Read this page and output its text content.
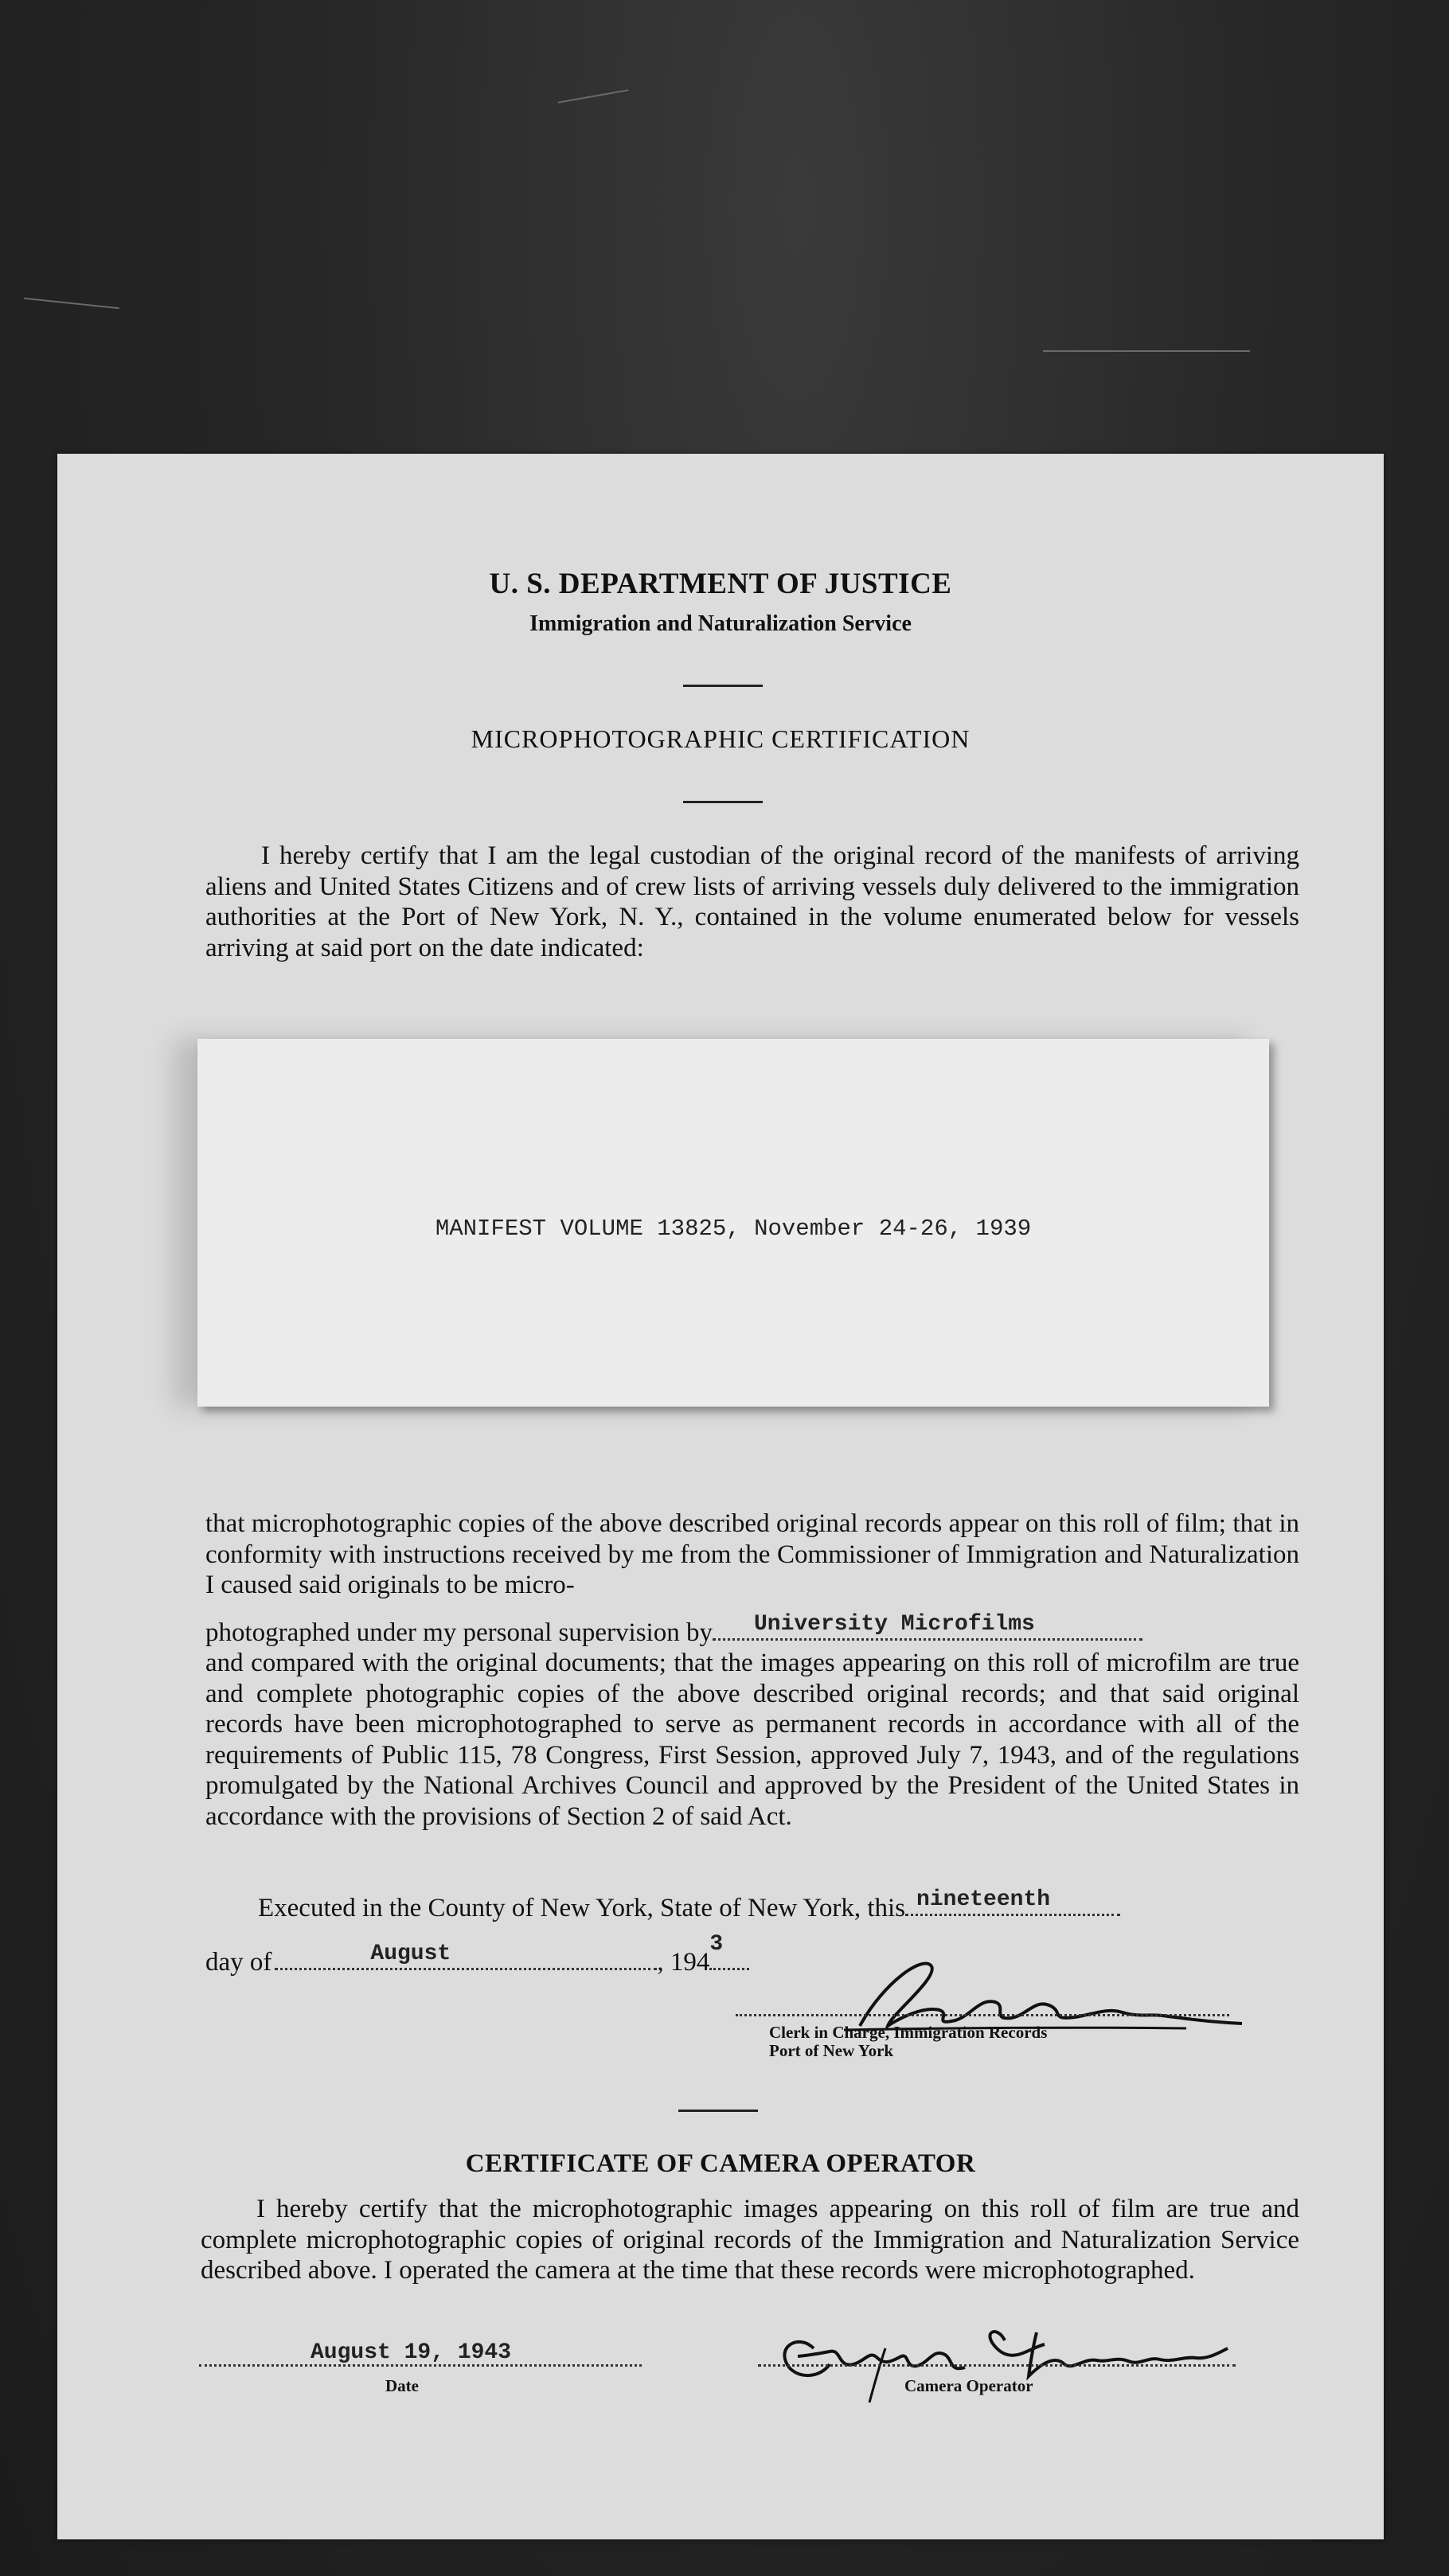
U. S. DEPARTMENT OF JUSTICE
Immigration and Naturalization Service
MICROPHOTOGRAPHIC CERTIFICATION

I hereby certify that I am the legal custodian of the original record of the manifests of arriving aliens and United States Citizens and of crew lists of arriving vessels duly delivered to the immigration authorities at the Port of New York, N. Y., contained in the volume enumerated below for vessels arriving at said port on the date indicated:

MANIFEST VOLUME 13825, November 24-26, 1939

that microphotographic copies of the above described original records appear on this roll of film; that in conformity with instructions received by me from the Commissioner of Immigration and Naturalization I caused said originals to be micro-

photographed under my personal supervision by University Microfilms

and compared with the original documents; that the images appearing on this roll of microfilm are true and complete photographic copies of the above described original records; and that said original records have been microphotographed to serve as permanent records in accordance with all of the requirements of Public 115, 78 Congress, First Session, approved July 7, 1943, and of the regulations promulgated by the National Archives Council and approved by the President of the United States in accordance with the provisions of Section 2 of said Act.

Executed in the County of New York, State of New York, this nineteenth
day of	August	, 194
3
Clerk in Charge, Immigration Records
Port of New York
CERTIFICATE OF CAMERA OPERATOR

I hereby certify that the microphotographic images appearing on this roll of film are true and complete microphotographic copies of original records of the Immigration and Naturalization Service described above. I operated the camera at the time that these records were microphotographed.

August 19, 1943
Date	Camera Operator
